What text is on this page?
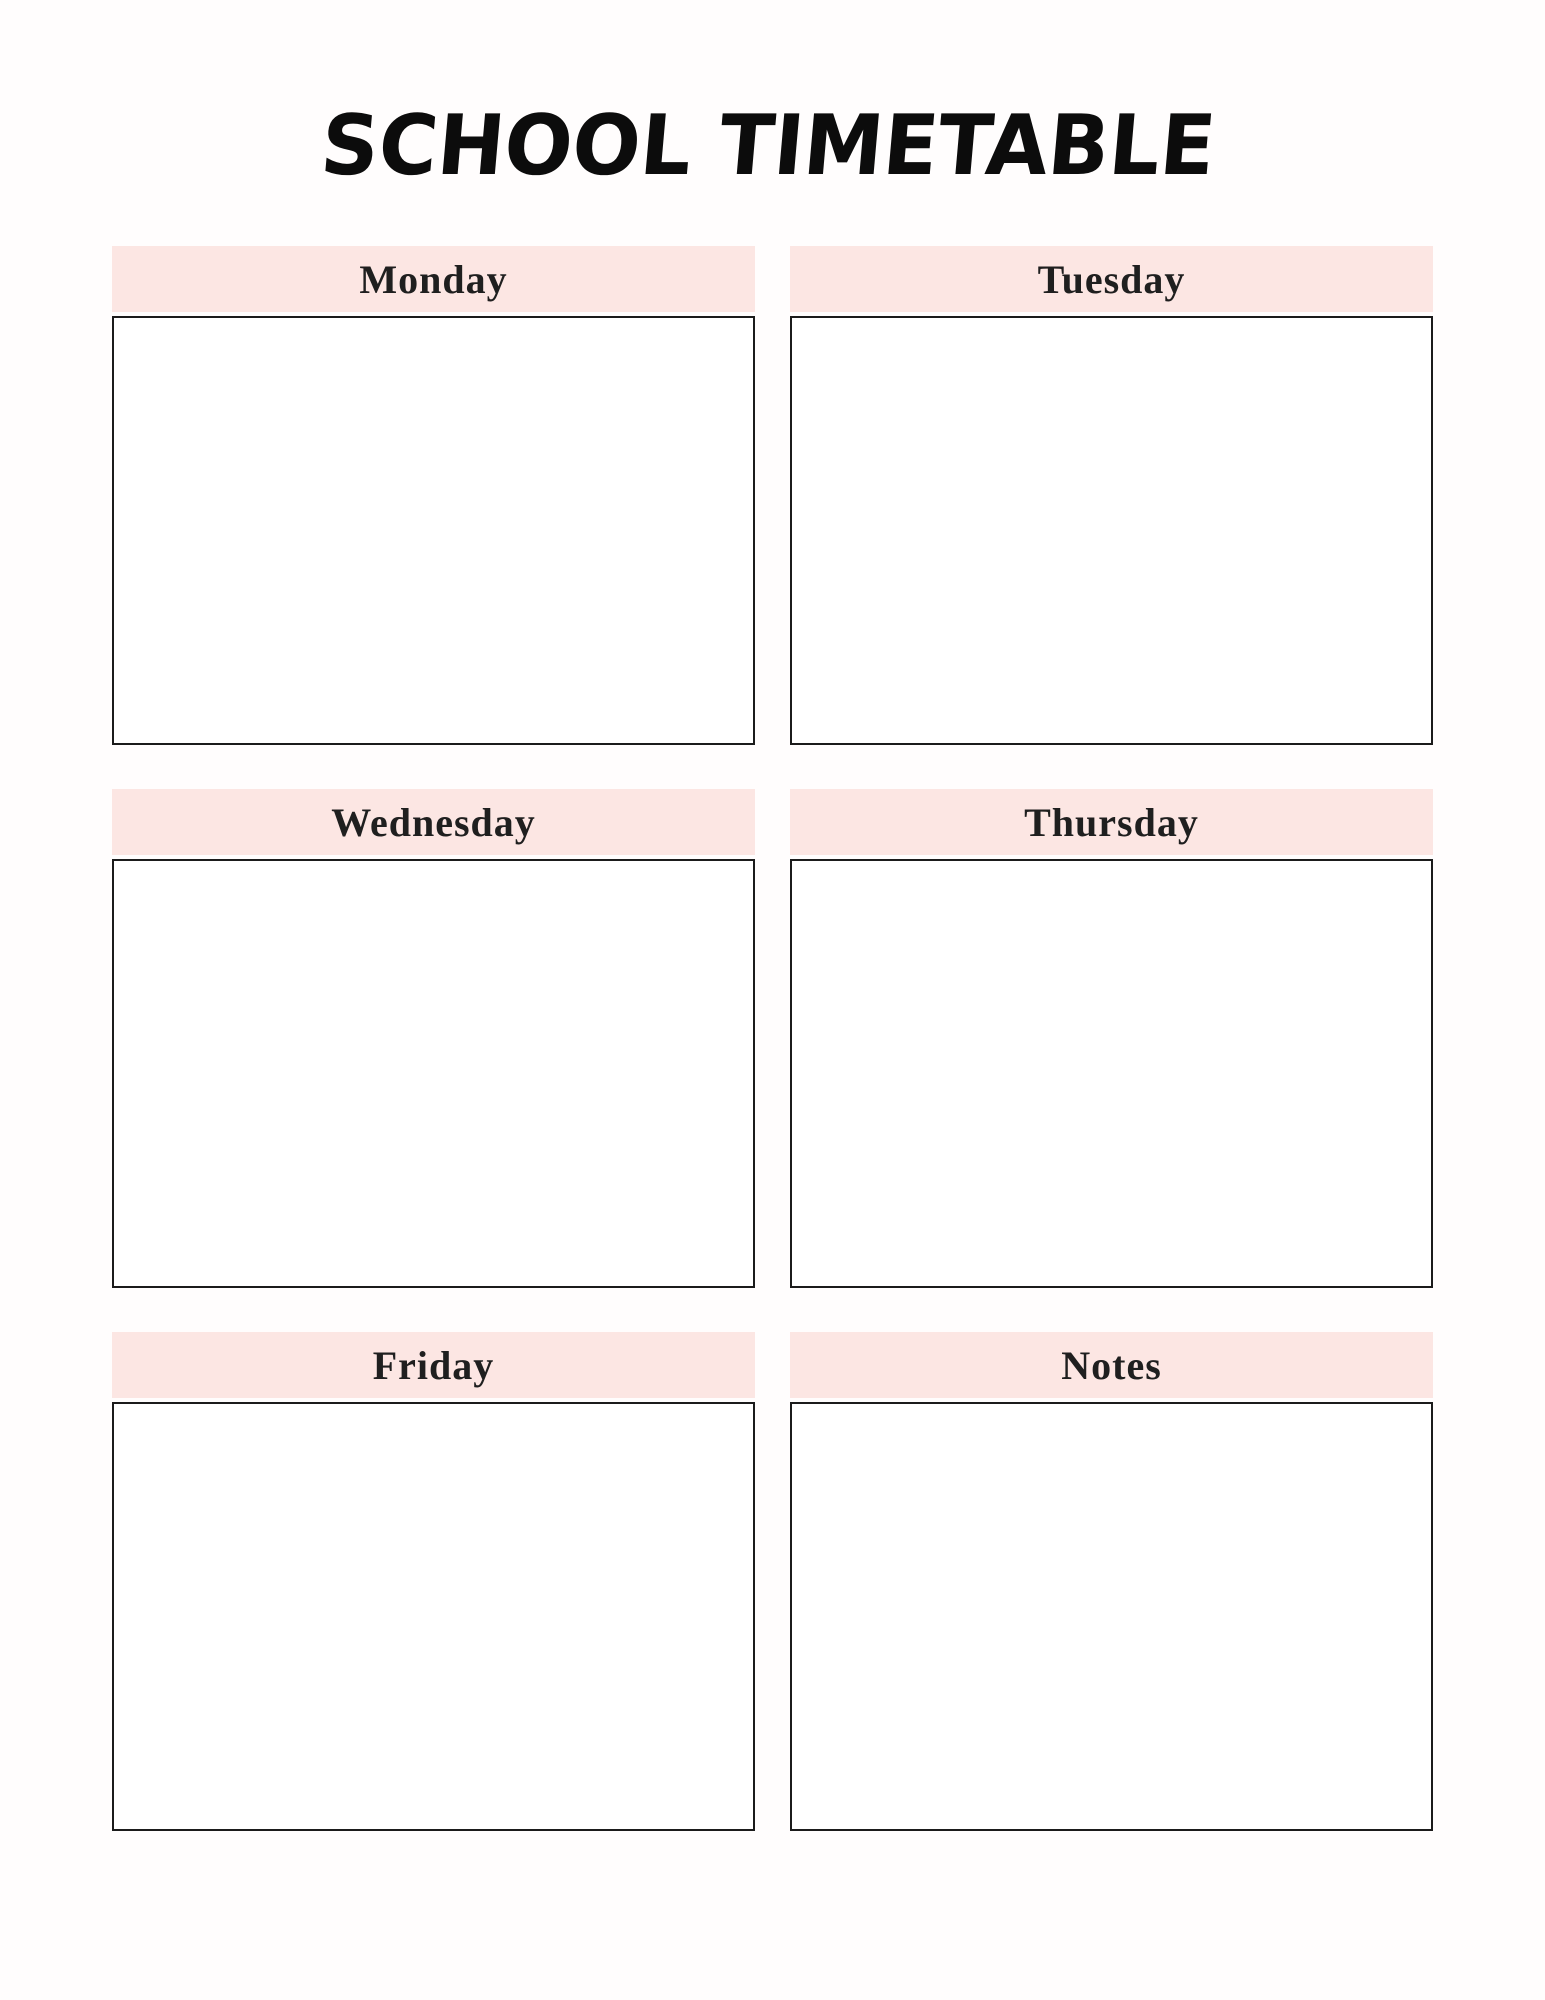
SCHOOL TIMETABLE
Monday	Tuesday
Wednesday	Thursday
Friday	Notes
